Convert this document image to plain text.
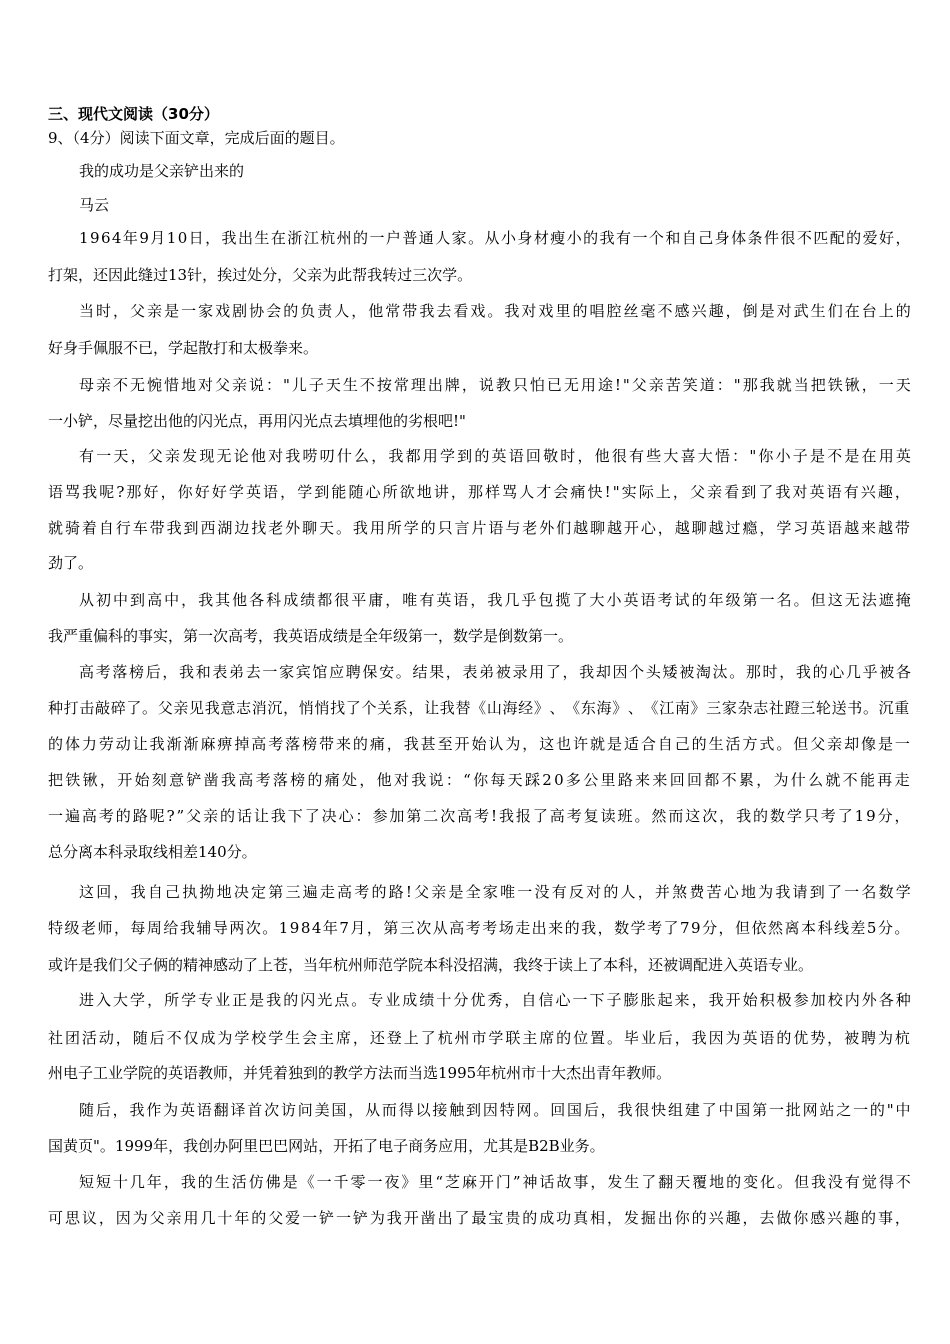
三、现代文阅读（30分）
9、（4分）阅读下面文章，完成后面的题目。
我的成功是父亲铲出来的
马云
1 9 6 4 年 9 月 1 0 日 ， 我 出 生 在 浙 江 杭 州 的 一 户 普 通 人 家 。 从 小 身 材 瘦 小 的 我 有 一 个 和 自 己 身 体 条 件 很 不 匹 配 的 爱 好 ，
打架，还因此缝过13针，挨过处分，父亲为此帮我转过三次学。
当 时 ， 父 亲 是 一 家 戏 剧 协 会 的 负 责 人 ， 他 常 带 我 去 看 戏 。 我 对 戏 里 的 唱 腔 丝 毫 不 感 兴 趣 ， 倒 是 对 武 生 们 在 台 上 的
好身手佩服不已，学起散打和太极拳来。
母 亲 不 无 惋 惜 地 对 父 亲 说 ： " 儿 子 天 生 不 按 常 理 出 牌 ， 说 教 只 怕 已 无 用 途 ! " 父 亲 苦 笑 道 ： " 那 我 就 当 把 铁 锹 ， 一 天
一小铲，尽量挖出他的闪光点，再用闪光点去填埋他的劣根吧!"
有 一 天 ， 父 亲 发 现 无 论 他 对 我 唠 叨 什 么 ， 我 都 用 学 到 的 英 语 回 敬 时 ， 他 很 有 些 大 喜 大 悟 ： " 你 小 子 是 不 是 在 用 英
语 骂 我 呢 ? 那 好 ， 你 好 好 学 英 语 ， 学 到 能 随 心 所 欲 地 讲 ， 那 样 骂 人 才 会 痛 快 ! " 实 际 上 ， 父 亲 看 到 了 我 对 英 语 有 兴 趣 ，
就 骑 着 自 行 车 带 我 到 西 湖 边 找 老 外 聊 天 。 我 用 所 学 的 只 言 片 语 与 老 外 们 越 聊 越 开 心 ， 越 聊 越 过 瘾 ， 学 习 英 语 越 来 越 带
劲了。
从 初 中 到 高 中 ， 我 其 他 各 科 成 绩 都 很 平 庸 ， 唯 有 英 语 ， 我 几 乎 包 揽 了 大 小 英 语 考 试 的 年 级 第 一 名 。 但 这 无 法 遮 掩
我严重偏科的事实，第一次高考，我英语成绩是全年级第一，数学是倒数第一。
高 考 落 榜 后 ， 我 和 表 弟 去 一 家 宾 馆 应 聘 保 安 。 结 果 ， 表 弟 被 录 用 了 ， 我 却 因 个 头 矮 被 淘 汰 。 那 时 ， 我 的 心 几 乎 被 各
种 打 击 敲 碎 了 。 父 亲 见 我 意 志 消 沉 ， 悄 悄 找 了 个 关 系 ， 让 我 替 《 山 海 经 》 、 《 东 海 》 、 《 江 南 》 三 家 杂 志 社 蹬 三 轮 送 书 。 沉 重
的 体 力 劳 动 让 我 渐 渐 麻 痹 掉 高 考 落 榜 带 来 的 痛 ， 我 甚 至 开 始 认 为 ， 这 也 许 就 是 适 合 自 己 的 生 活 方 式 。 但 父 亲 却 像 是 一
把 铁 锹 ， 开 始 刻 意 铲 凿 我 高 考 落 榜 的 痛 处 ， 他 对 我 说 ： “ 你 每 天 踩 2 0 多 公 里 路 来 来 回 回 都 不 累 ， 为 什 么 就 不 能 再 走
一 遍 高 考 的 路 呢 ? ” 父 亲 的 话 让 我 下 了 决 心 ： 参 加 第 二 次 高 考 ! 我 报 了 高 考 复 读 班 。 然 而 这 次 ， 我 的 数 学 只 考 了 1 9 分 ，
总分离本科录取线相差140分。
这 回 ， 我 自 己 执 拗 地 决 定 第 三 遍 走 高 考 的 路 ! 父 亲 是 全 家 唯 一 没 有 反 对 的 人 ， 并 煞 费 苦 心 地 为 我 请 到 了 一 名 数 学
特 级 老 师 ， 每 周 给 我 辅 导 两 次 。 1 9 8 4 年 7 月 ， 第 三 次 从 高 考 考 场 走 出 来 的 我 ， 数 学 考 了 7 9 分 ， 但 依 然 离 本 科 线 差 5 分 。
或许是我们父子俩的精神感动了上苍，当年杭州师范学院本科没招满，我终于读上了本科，还被调配进入英语专业。
进 入 大 学 ， 所 学 专 业 正 是 我 的 闪 光 点 。 专 业 成 绩 十 分 优 秀 ， 自 信 心 一 下 子 膨 胀 起 来 ， 我 开 始 积 极 参 加 校 内 外 各 种
社 团 活 动 ， 随 后 不 仅 成 为 学 校 学 生 会 主 席 ， 还 登 上 了 杭 州 市 学 联 主 席 的 位 置 。 毕 业 后 ， 我 因 为 英 语 的 优 势 ， 被 聘 为 杭
州电子工业学院的英语教师，并凭着独到的教学方法而当选1995年杭州市十大杰出青年教师。
随 后 ， 我 作 为 英 语 翻 译 首 次 访 问 美 国 ， 从 而 得 以 接 触 到 因 特 网 。 回 国 后 ， 我 很 快 组 建 了 中 国 第 一 批 网 站 之 一 的 " 中
国黄页"。1999年，我创办阿里巴巴网站，开拓了电子商务应用，尤其是B2B业务。
短 短 十 几 年 ， 我 的 生 活 仿 佛 是 《 一 千 零 一 夜 》 里 “ 芝 麻 开 门 ” 神 话 故 事 ， 发 生 了 翻 天 覆 地 的 变 化 。 但 我 没 有 觉 得 不
可 思 议 ， 因 为 父 亲 用 几 十 年 的 父 爱 一 铲 一 铲 为 我 开 凿 出 了 最 宝 贵 的 成 功 真 相 ， 发 掘 出 你 的 兴 趣 ， 去 做 你 感 兴 趣 的 事 ，
